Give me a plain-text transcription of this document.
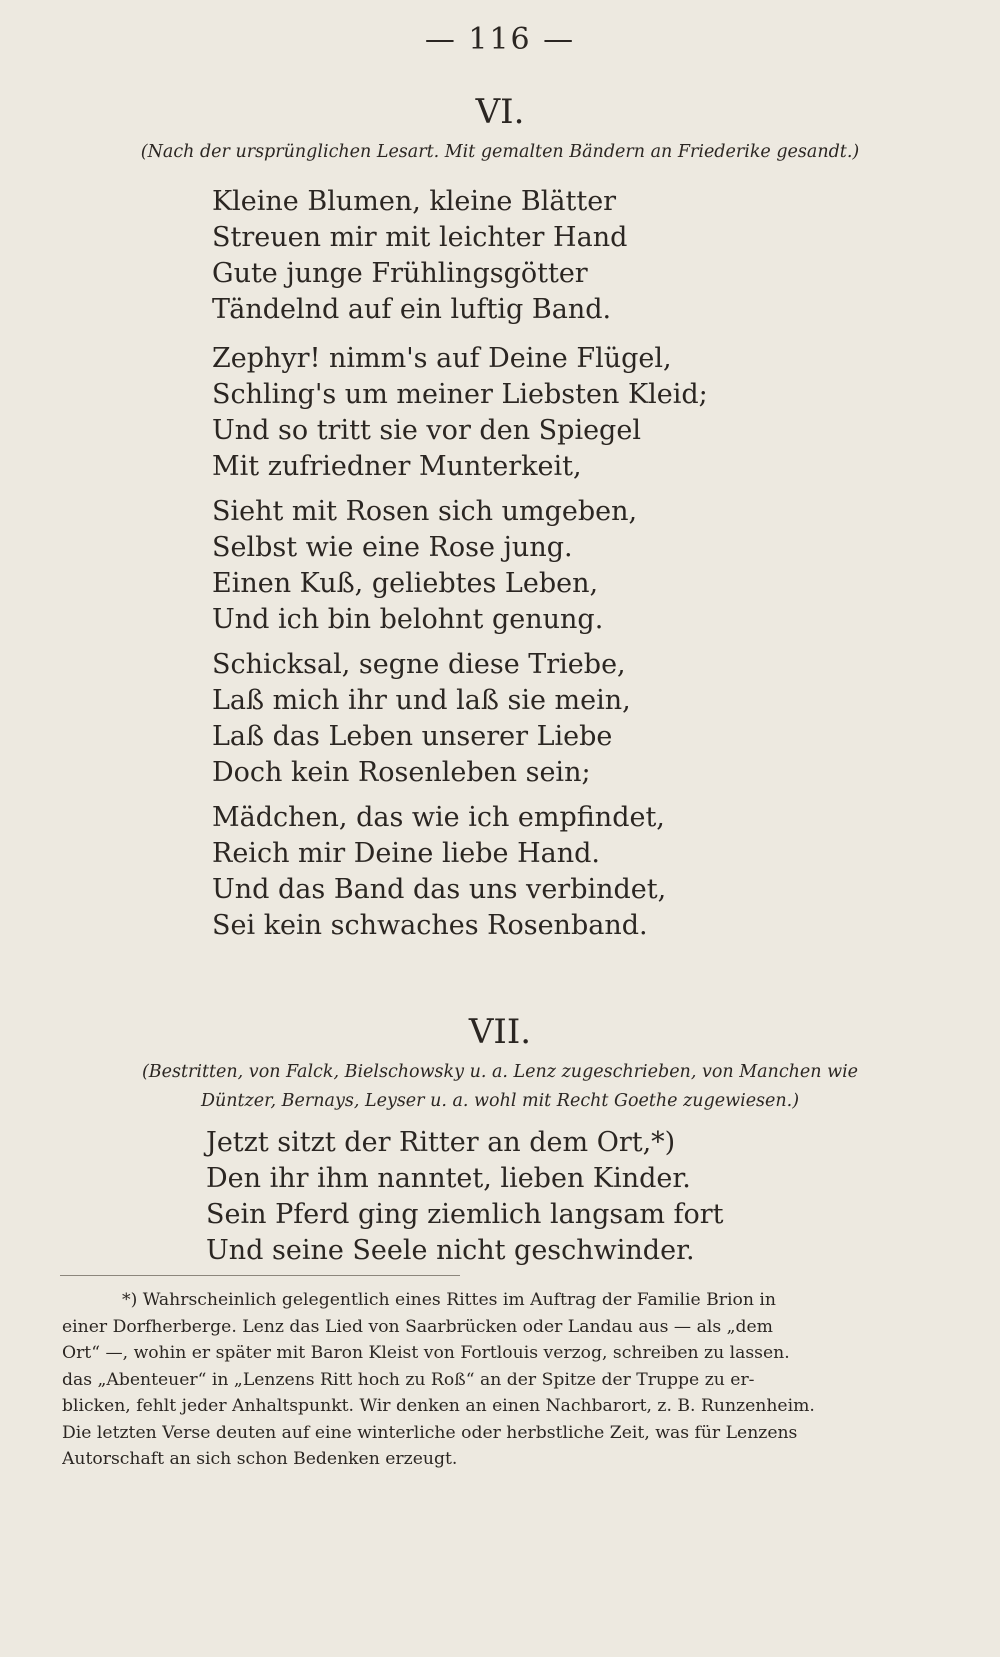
— 116 —
VI.
(Nach der ursprünglichen Lesart. Mit gemalten Bändern an Friederike gesandt.)
Kleine Blumen, kleine Blätter
Streuen mir mit leichter Hand
Gute junge Frühlingsgötter
Tändelnd auf ein luftig Band.
Zephyr! nimm's auf Deine Flügel,
Schling's um meiner Liebsten Kleid;
Und so tritt sie vor den Spiegel
Mit zufriedner Munterkeit,
Sieht mit Rosen sich umgeben,
Selbst wie eine Rose jung.
Einen Kuß, geliebtes Leben,
Und ich bin belohnt genung.
Schicksal, segne diese Triebe,
Laß mich ihr und laß sie mein,
Laß das Leben unserer Liebe
Doch kein Rosenleben sein;
Mädchen, das wie ich empfindet,
Reich mir Deine liebe Hand.
Und das Band das uns verbindet,
Sei kein schwaches Rosenband.
VII.
(Bestritten, von Falck, Bielschowsky u. a. Lenz zugeschrieben, von Manchen wie
Düntzer, Bernays, Leyser u. a. wohl mit Recht Goethe zugewiesen.)
Jetzt sitzt der Ritter an dem Ort,*)
Den ihr ihm nanntet, lieben Kinder.
Sein Pferd ging ziemlich langsam fort
Und seine Seele nicht geschwinder.
*) Wahrscheinlich gelegentlich eines Rittes im Auftrag der Familie Brion in
einer Dorfherberge. Lenz das Lied von Saarbrücken oder Landau aus — als „dem
Ort“ —, wohin er später mit Baron Kleist von Fortlouis verzog, schreiben zu lassen.
das „Abenteuer“ in „Lenzens Ritt hoch zu Roß“ an der Spitze der Truppe zu er-
blicken, fehlt jeder Anhaltspunkt. Wir denken an einen Nachbarort, z. B. Runzenheim.
Die letzten Verse deuten auf eine winterliche oder herbstliche Zeit, was für Lenzens
Autorschaft an sich schon Bedenken erzeugt.
